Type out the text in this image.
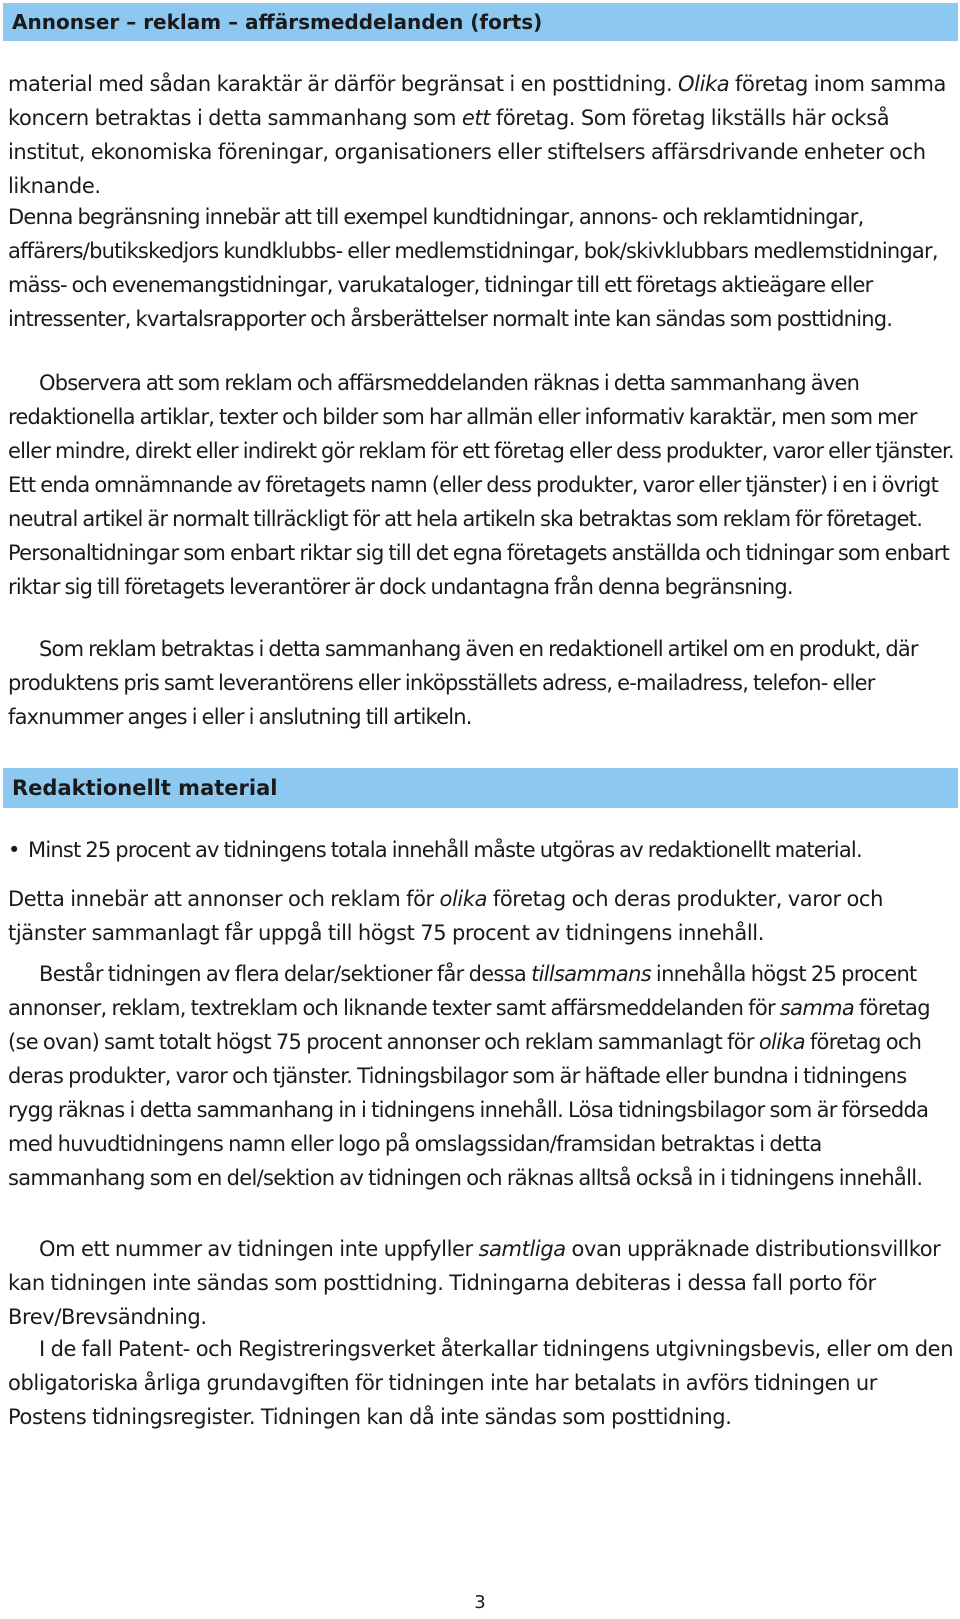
Annonser – reklam – affärsmeddelanden (forts)

material med sådan karaktär är därför begränsat i en posttidning. Olika företag inom samma koncern betraktas i detta sammanhang som ett företag. Som företag likställs här också institut, ekonomiska föreningar, organisationers eller stiftelsers affärsdrivande enheter och liknande.

Denna begränsning innebär att till exempel kundtidningar, annons- och reklamtidningar, affärers/butikskedjors kundklubbs- eller medlemstidningar, bok/skivklubbars medlemstidningar, mäss- och evenemangstidningar, varukataloger, tidningar till ett företags aktieägare eller intressenter, kvartalsrapporter och årsberättelser normalt inte kan sändas som posttidning.

Observera att som reklam och affärsmeddelanden räknas i detta sammanhang även redaktionella artiklar, texter och bilder som har allmän eller informativ karaktär, men som mer eller mindre, direkt eller indirekt gör reklam för ett företag eller dess produkter, varor eller tjänster. Ett enda omnämnande av företagets namn (eller dess produkter, varor eller tjänster) i en i övrigt neutral artikel är normalt tillräckligt för att hela artikeln ska betraktas som reklam för företaget. Personaltidningar som enbart riktar sig till det egna företagets anställda och tidningar som enbart riktar sig till företagets leverantörer är dock undantagna från denna begränsning.

Som reklam betraktas i detta sammanhang även en redaktionell artikel om en produkt, där produktens pris samt leverantörens eller inköpsställets adress, e-mailadress, telefon- eller faxnummer anges i eller i anslutning till artikeln.

Redaktionellt material

• Minst 25 procent av tidningens totala innehåll måste utgöras av redaktionellt material.

Detta innebär att annonser och reklam för olika företag och deras produkter, varor och tjänster sammanlagt får uppgå till högst 75 procent av tidningens innehåll.

Består tidningen av flera delar/sektioner får dessa tillsammans innehålla högst 25 procent annonser, reklam, textreklam och liknande texter samt affärsmeddelanden för samma företag (se ovan) samt totalt högst 75 procent annonser och reklam sammanlagt för olika företag och deras produkter, varor och tjänster. Tidningsbilagor som är häftade eller bundna i tidningens rygg räknas i detta sammanhang in i tidningens innehåll. Lösa tidningsbilagor som är försedda med huvudtidningens namn eller logo på omslagssidan/framsidan betraktas i detta sammanhang som en del/sektion av tidningen och räknas alltså också in i tidningens innehåll.

Om ett nummer av tidningen inte uppfyller samtliga ovan uppräknade distributionsvillkor kan tidningen inte sändas som posttidning. Tidningarna debiteras i dessa fall porto för Brev/Brevsändning.

I de fall Patent- och Registreringsverket återkallar tidningens utgivningsbevis, eller om den obligatoriska årliga grundavgiften för tidningen inte har betalats in avförs tidningen ur Postens tidningsregister. Tidningen kan då inte sändas som posttidning.

3
